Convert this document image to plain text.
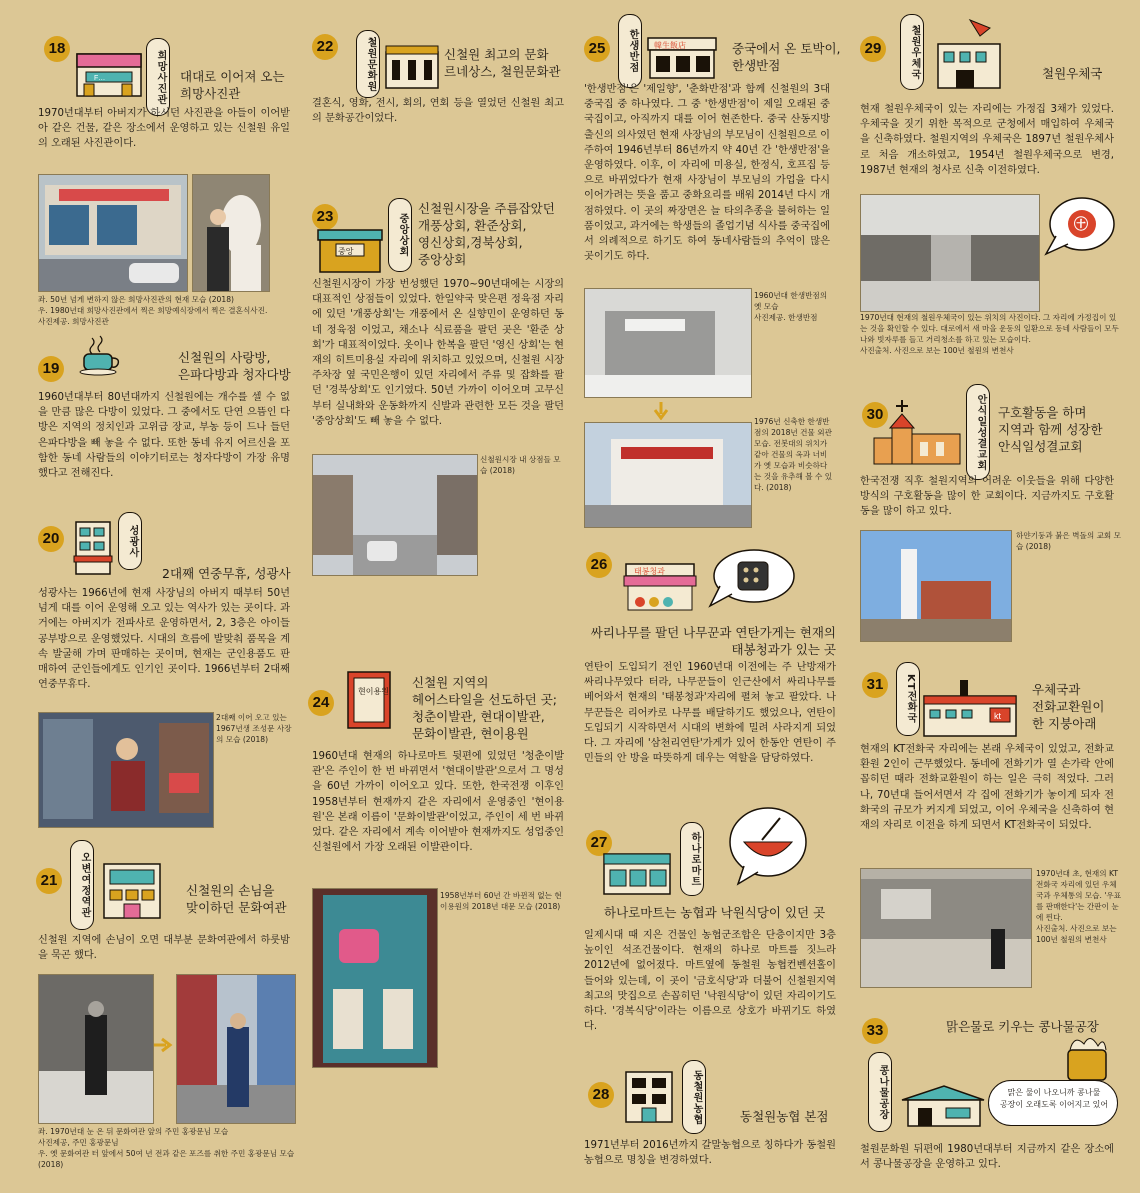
18
F…	희망사진관	대대로 이어져 오는
희망사진관
1970년대부터 아버지가 하시던 사진관을 아들이 이어받아 같은 건물, 같은 장소에서 운영하고 있는 신철원 유일의 오래된 사진관이다.
좌. 50년 넘게 변하지 않은 희망사진관의 현재 모습 (2018)
우. 1980년대 희망사진관에서 찍은 희망예식장에서 찍은 결혼식사진.
사진제공. 희망사진관
19
신철원의 사랑방,
은파다방과 청자다방
1960년대부터 80년대까지 신철원에는 개수를 셀 수 없을 만큼 많은 다방이 있었다. 그 중에서도 단연 으뜸인 다방은 지역의 정치인과 고위급 장교, 부농 등이 드나 들던 은파다방을 빼 놓을 수 없다. 또한 동네 유지 어르신을 포함한 동네 사람들의 이야기터로는 청자다방이 가장 유명했다고 전해진다.
20	성광사
2대째 연중무휴, 성광사
성광사는 1966년에 현재 사장님의 아버지 때부터 50년 넘게 대를 이어 운영해 오고 있는 역사가 있는 곳이다. 과거에는 아버지가 전파사로 운영하면서, 2, 3층은 아이들 공부방으로 운영했었다. 시대의 흐름에 발맞춰 품목을 계속 발굴해 가며 판매하는 곳이며, 현재는 군인용품도 판매하여 군인들에게도 인기인 곳이다. 1966년부터 2대째 연중무휴다.
2대째 이어 오고 있는 1967년생 조성문 사장의 모습 (2018)
21	오변여정역관	신철원의 손님을
맞이하던 문화여관
신철원 지역에 손님이 오면 대부분 문화여관에서 하룻밤을 묵곤 했다.
좌. 1970년대 눈 온 뒤 문화여관 앞의 주민 홍광문님 모습
사진제공, 주민 홍광문님
우. 옛 문화여관 터 앞에서 50여 년 전과 같은 포즈를 취한 주민 홍광문님 모습 (2018)
22	철원문화원	신철원 최고의 문화
르네상스, 철원문화관
결혼식, 영화, 전시, 회의, 연회 등을 열었던 신철원 최고의 문화공간이었다.
23
중앙	중앙상회
신철원시장을 주름잡았던
개풍상회, 환준상회,
영신상회,경북상회,
중앙상회
신철원시장이 가장 번성했던 1970~90년대에는 시장의 대표적인 상점들이 있었다. 한일약국 맞은편 정육점 자리에 있던 '개풍상회'는 개풍에서 온 실향민이 운영하던 동네 정육점 이었고, 채소나 식료품을 팔던 곳은 '환준 상회'가 대표적이었다. 옷이나 한복을 팔던 '영신 상회'는 현재의 히트미용실 자리에 위치하고 있었으며, 신철원 시장 주차장 옆 국민은행이 있던 자리에서 주류 및 잡화를 팔던 '경북상회'도 인기였다. 50년 가까이 이어오며 고무신부터 실내화와 운동화까지 신발과 관련한 모든 것을 팔던 '중앙상회'도 빼 놓을 수 없다.
신철원시장 내 상점들 모습 (2018)
24
현이용원
신철원 지역의
헤어스타일을 선도하던 곳;
청춘이발관, 현대이발관,
문화이발관, 현이용원
1960년대 현재의 하나로마트 뒷편에 있었던 '청춘이발관'은 주인이 한 번 바뀌면서 '현대이발관'으로서 그 명성을 60년 가까이 이어오고 있다. 또한, 한국전쟁 이후인 1958년부터 현재까지 같은 자리에서 운영중인 '현이용원'은 본래 이름이 '문화이발관'이었고, 주인이 세 번 바뀌었다. 같은 자리에서 계속 이어받아 현재까지도 성업중인 신철원에서 가장 오래된 이발관이다.
1958년부터 60년 간 바뀐적 없는 현이용원의 2018년 대문 모습 (2018)
25	한생반점	韓生飯店	중국에서 온 토박이,
한생반점
'한생반점'은 '제일향', '춘화반점'과 함께 신철원의 3대 중국집 중 하나였다. 그 중 '한생반점'이 제일 오래된 중국집이고, 아직까지 대를 이어 현존한다. 중국 산동지방 출신의 의사였던 현재 사장님의 부모님이 신철원으로 이주하여 1946년부터 86년까지 약 40년 간 '한생반점'을 운영하였다. 이후, 이 자리에 미용실, 한정식, 호프집 등으로 바뀌었다가 현재 사장님이 부모님의 가업을 다시 이어가려는 뜻을 품고 중화요리를 배워 2014년 다시 개점하였다. 이 곳의 짜장면은 늘 타의추종을 불허하는 일품이었고, 과거에는 학생들의 졸업기념 식사를 중국집에서 의례적으로 하기도 하여 동네사람들의 추억이 많은 곳이기도 하다.
1960년대 한생반점의 옛 모습
사진제공. 한생반점
1976년 신축한 한생반점의 2018년 건물 외관 모습. 전봇대의 위치가 같아 건물의 옥과 너비가 옛 모습과 비슷하다는 것을 유추해 볼 수 있다. (2018)
26	태봉청과
싸리나무를 팔던 나무꾼과 연탄가게는 현재의
태봉청과가 있는 곳
연탄이 도입되기 전인 1960년대 이전에는 주 난방재가 싸리나무였다 터라, 나무꾼들이 인근산에서 싸리나무를 베어와서 현재의 '태봉청과'자리에 펼쳐 놓고 팔았다. 나무꾼들은 리어카로 나무를 배달하기도 했었으나, 연탄이 도입되기 시작하면서 시대의 변화에 밀려 사라지게 되었다. 그 자리에 '삼천리연탄'가게가 있어 한동안 연탄이 주민들의 안 방을 따뜻하게 데우는 역할을 담당하였다.
27	하나로마트
하나로마트는 농협과 낙원식당이 있던 곳
일제시대 때 지은 건물인 농협군조합은 단층이지만 3층 높이인 석조건물이다. 현재의 하나로 마트를 짓느라 2012년에 없어졌다. 마트옆에 동철원 농협컨벤션홀이 들어와 있는데, 이 곳이 '금호식당'과 더불어 신철원지역 최고의 맛집으로 손꼽히던 '낙원식당'이 있던 자리이기도 하다. '경복식당'이라는 이름으로 상호가 바뀌기도 하였다.
28	동철원농협	동철원농협 본점
1971년부터 2016년까지 갈말농협으로 칭하다가 동철원농협으로 명칭을 변경하였다.
29	철원우체국	철원우체국
현재 철원우체국이 있는 자리에는 가정집 3채가 있었다. 우체국을 짓기 위한 목적으로 군청에서 매입하여 우체국을 신축하였다. 철원지역의 우체국은 1897년 철원우체사로 처음 개소하였고, 1954년 철원우체국으로 변경, 1987년 현재의 청사로 신축 이전하였다.
㊉
1970년대 현재의 철원우체국이 있는 위치의 사진이다. 그 자리에 가정집이 있는 것을 확인할 수 있다. 대로에서 새 마을 운동의 일환으로 동네 사람들이 모두 나와 빗자루를 들고 거리청소를 하고 있는 모습이다.
사진출처. 사진으로 보는 100년 철원의 변천사
30	안식일성결교회 구호활동을 하며
지역과 함께 성장한
안식일성결교회
한국전쟁 직후 철원지역의 어려운 이웃들을 위해 다양한 방식의 구호활동을 많이 한 교회이다. 지금까지도 구호활동을 많이 하고 있다.
하얀기둥과 붉은 벽돌의 교회 모습 (2018)
31	KT전화국	kt
우체국과
전화교환원이
한 지붕아래
현재의 KT전화국 자리에는 본래 우체국이 있었고, 전화교환원 2인이 근무했었다. 동네에 전화기가 열 손가락 안에 꼽히던 때라 전화교환원이 하는 일은 극히 적었다. 그러나, 70년대 들어서면서 각 집에 전화기가 놓이게 되자 전화국의 규모가 커지게 되었고, 이어 우체국을 신축하여 현재의 자리로 이전을 하게 되면서 KT전화국이 되었다.
1970년대 초, 현재의 KT전화국 자리에 있던 우체국과 우체통의 모습. '우표를 판매한다'는 간판이 눈에 띈다.
사진출처. 사진으로 보는 100년 철원의 변천사
33	맑은물로 키우는 콩나물공장
콩나물공장	맑은 물이 나오니까 콩나물
공장이 오래도록 이어지고 있어
철원문화원 뒤편에 1980년대부터 지금까지 같은 장소에서 콩나물공장을 운영하고 있다.
